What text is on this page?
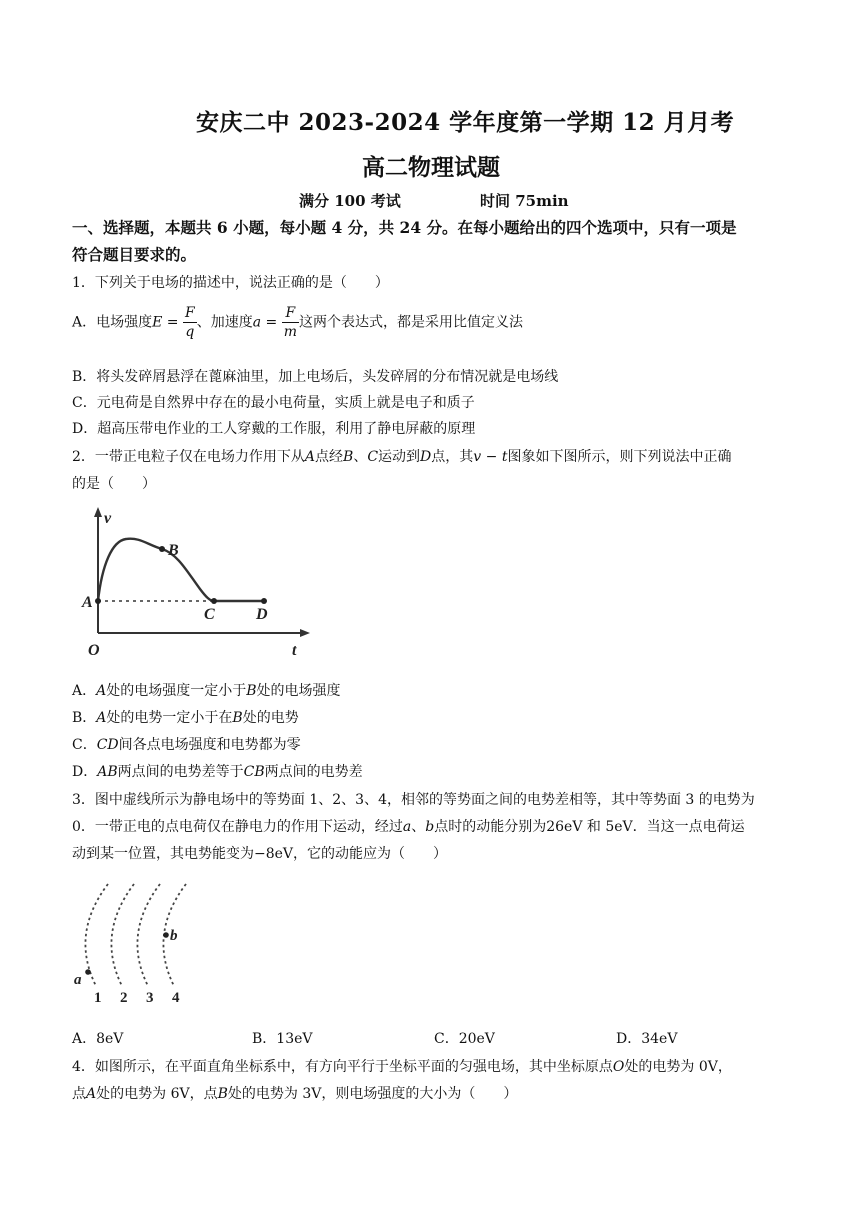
安庆二中 2023-2024 学年度第一学期 12 月月考
高二物理试题
满分 100 考试	时间 75min
一、选择题，本题共 6 小题，每小题 4 分，共 24 分。在每小题给出的四个选项中，只有一项是
符合题目要求的。
1．下列关于电场的描述中，说法正确的是（　　）
A．电场强度$E = \frac{F}{q}$ 、加速度$a = \frac{F}{m}$ 这两个表达式，都是采用比值定义法
B．将头发碎屑悬浮在蓖麻油里，加上电场后，头发碎屑的分布情况就是电场线
C．元电荷是自然界中存在的最小电荷量，实质上就是电子和质子
D．超高压带电作业的工人穿戴的工作服，利用了静电屏蔽的原理
2．一带正电粒子仅在电场力作用下从A点经B、C运动到D点，其v − t图象如下图所示，则下列说法中正确
的是（　　）
v
B
A
C	D
O	t
A．A处的电场强度一定小于B处的电场强度
B．A处的电势一定小于在B处的电势
C．CD间各点电场强度和电势都为零
D．AB两点间的电势差等于CB两点间的电势差
3．图中虚线所示为静电场中的等势面 1、2、3、4，相邻的等势面之间的电势差相等，其中等势面 3 的电势为
0．一带正电的点电荷仅在静电力的作用下运动，经过a、b点时的动能分别为26eV 和 5eV．当这一点电荷运
动到某一位置，其电势能变为−8eV，它的动能应为（　　）
a
b
1 2 3 4
A．8eV	B．13eV	C．20eV	D．34eV
4．如图所示，在平面直角坐标系中，有方向平行于坐标平面的匀强电场，其中坐标原点O处的电势为 0V，
点A处的电势为 6V，点B处的电势为 3V，则电场强度的大小为（　　）
